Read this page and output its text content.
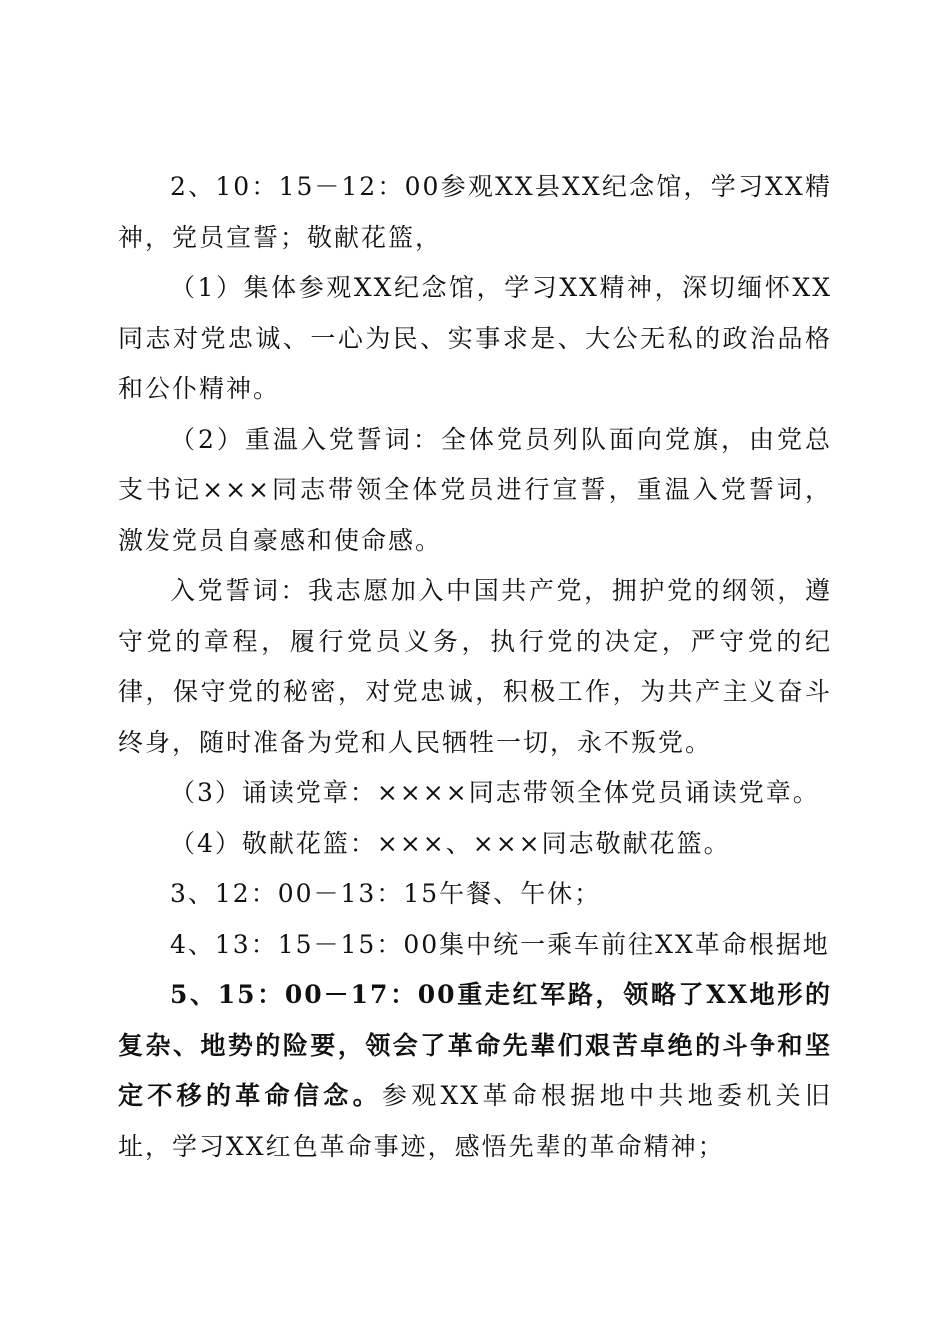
2、10：15－12：00参观XX县XX纪念馆，学习XX精神，党员宣誓；敬献花篮，

（1）集体参观XX纪念馆，学习XX精神，深切缅怀XX同志对党忠诚、一心为民、实事求是、大公无私的政治品格和公仆精神。

（2）重温入党誓词：全体党员列队面向党旗，由党总支书记×××同志带领全体党员进行宣誓，重温入党誓词，激发党员自豪感和使命感。

入党誓词：我志愿加入中国共产党，拥护党的纲领，遵守党的章程，履行党员义务，执行党的决定，严守党的纪律，保守党的秘密，对党忠诚，积极工作，为共产主义奋斗终身，随时准备为党和人民牺牲一切，永不叛党。

（3）诵读党章：××××同志带领全体党员诵读党章。

（4）敬献花篮：×××、×××同志敬献花篮。

3、12：00－13：15午餐、午休；

4、13：15－15：00集中统一乘车前往XX革命根据地

5、15：00－17：00重走红军路，领略了XX地形的复杂、地势的险要，领会了革命先辈们艰苦卓绝的斗争和坚定不移的革命信念。参观XX革命根据地中共地委机关旧址，学习XX红色革命事迹，感悟先辈的革命精神；
